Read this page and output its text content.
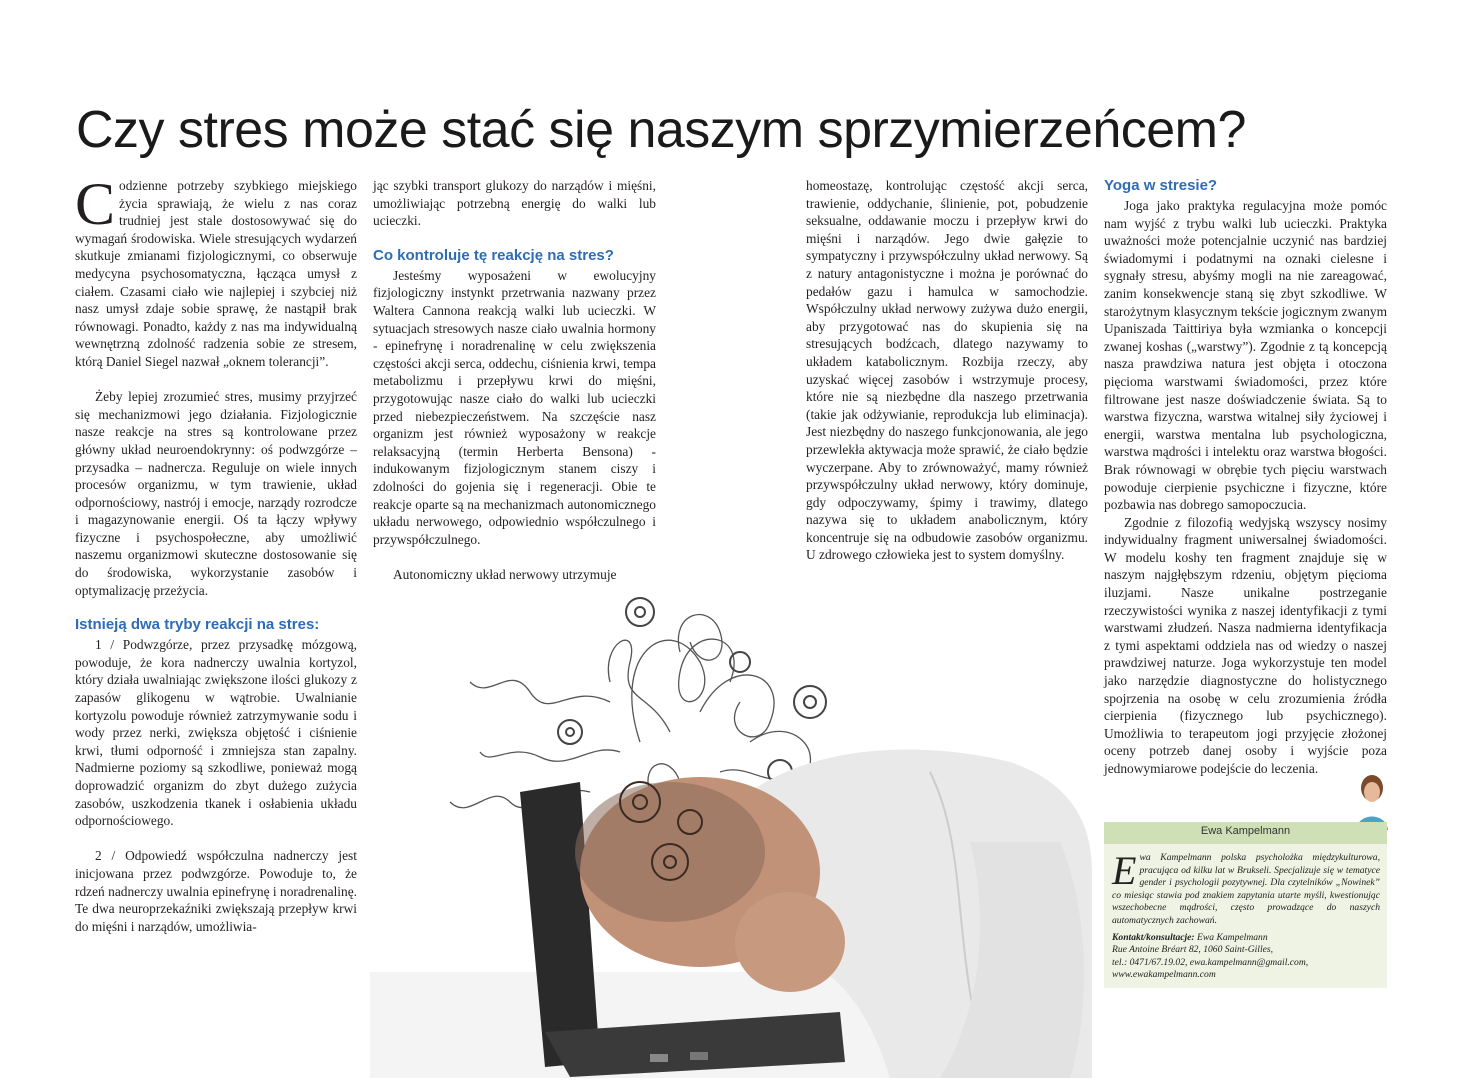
Czy stres może stać się naszym sprzymierzeńcem?

Codzienne potrzeby szybkiego miejskiego życia sprawiają, że wielu z nas coraz trudniej jest stale dostosowywać się do wymagań środowiska. Wiele stresujących wydarzeń skutkuje zmianami fizjologicznymi, co obserwuje medycyna psychosomatyczna, łącząca umysł z ciałem. Czasami ciało wie najlepiej i szybciej niż nasz umysł zdaje sobie sprawę, że nastąpił brak równowagi. Ponadto, każdy z nas ma indywidualną wewnętrzną zdolność radzenia sobie ze stresem, którą Daniel Siegel nazwał „oknem tolerancji”.

Żeby lepiej zrozumieć stres, musimy przyjrzeć się mechanizmowi jego działania. Fizjologicznie nasze reakcje na stres są kontrolowane przez główny układ neuroendokrynny: oś podwzgórze – przysadka – nadnercza. Reguluje on wiele innych procesów organizmu, w tym trawienie, układ odpornościowy, nastrój i emocje, narządy rozrodcze i magazynowanie energii. Oś ta łączy wpływy fizyczne i psychospołeczne, aby umożliwić naszemu organizmowi skuteczne dostosowanie się do środowiska, wykorzystanie zasobów i optymalizację przeżycia.

Istnieją dwa tryby reakcji na stres:

1 / Podwzgórze, przez przysadkę mózgową, powoduje, że kora nadnerczy uwalnia kortyzol, który działa uwalniając zwiększone ilości glukozy z zapasów glikogenu w wątrobie. Uwalnianie kortyzolu powoduje również zatrzymywanie sodu i wody przez nerki, zwiększa objętość i ciśnienie krwi, tłumi odporność i zmniejsza stan zapalny. Nadmierne poziomy są szkodliwe, ponieważ mogą doprowadzić organizm do zbyt dużego zużycia zasobów, uszkodzenia tkanek i osłabienia układu odpornościowego.

2 / Odpowiedź współczulna nadnerczy jest inicjowana przez podwzgórze. Powoduje to, że rdzeń nadnerczy uwalnia epinefrynę i noradrenalinę. Te dwa neuroprzekaźniki zwiększają przepływ krwi do mięśni i narządów, umożliwia-

jąc szybki transport glukozy do narządów i mięśni, umożliwiając potrzebną energię do walki lub ucieczki.

Co kontroluje tę reakcję na stres?

Jesteśmy wyposażeni w ewolucyjny fizjologiczny instynkt przetrwania nazwany przez Waltera Cannona reakcją walki lub ucieczki. W sytuacjach stresowych nasze ciało uwalnia hormony - epinefrynę i noradrenalinę w celu zwiększenia częstości akcji serca, oddechu, ciśnienia krwi, tempa metabolizmu i przepływu krwi do mięśni, przygotowując nasze ciało do walki lub ucieczki przed niebezpieczeństwem. Na szczęście nasz organizm jest również wyposażony w reakcje relaksacyjną (termin Herberta Bensona) - indukowanym fizjologicznym stanem ciszy i zdolności do gojenia się i regeneracji. Obie te reakcje oparte są na mechanizmach autonomicznego układu nerwowego, odpowiednio współczulnego i przywspółczulnego.

Autonomiczny układ nerwowy utrzymuje

homeostazę, kontrolując częstość akcji serca, trawienie, oddychanie, ślinienie, pot, pobudzenie seksualne, oddawanie moczu i przepływ krwi do mięśni i narządów. Jego dwie gałęzie to sympatyczny i przywspółczulny układ nerwowy. Są z natury antagonistyczne i można je porównać do pedałów gazu i hamulca w samochodzie. Współczulny układ nerwowy zużywa dużo energii, aby przygotować nas do skupienia się na stresujących bodźcach, dlatego nazywamy to układem katabolicznym. Rozbija rzeczy, aby uzyskać więcej zasobów i wstrzymuje procesy, które nie są niezbędne dla naszego przetrwania (takie jak odżywianie, reprodukcja lub eliminacja). Jest niezbędny do naszego funkcjonowania, ale jego przewlekła aktywacja może sprawić, że ciało będzie wyczerpane. Aby to zrównoważyć, mamy również przywspółczulny układ nerwowy, który dominuje, gdy odpoczywamy, śpimy i trawimy, dlatego nazywa się to układem anabolicznym, który koncentruje się na odbudowie zasobów organizmu. U zdrowego człowieka jest to system domyślny.

Yoga w stresie?

Joga jako praktyka regulacyjna może pomóc nam wyjść z trybu walki lub ucieczki. Praktyka uważności może potencjalnie uczynić nas bardziej świadomymi i podatnymi na oznaki cielesne i sygnały stresu, abyśmy mogli na nie zareagować, zanim konsekwencje staną się zbyt szkodliwe. W starożytnym klasycznym tekście jogicznym zwanym Upaniszada Taittiriya była wzmianka o koncepcji zwanej koshas („warstwy”). Zgodnie z tą koncepcją nasza prawdziwa natura jest objęta i otoczona pięcioma warstwami świadomości, przez które filtrowane jest nasze doświadczenie świata. Są to warstwa fizyczna, warstwa witalnej siły życiowej i energii, warstwa mentalna lub psychologiczna, warstwa mądrości i intelektu oraz warstwa błogości. Brak równowagi w obrębie tych pięciu warstwach powoduje cierpienie psychiczne i fizyczne, które pozbawia nas dobrego samopoczucia.

Zgodnie z filozofią wedyjską wszyscy nosimy indywidualny fragment uniwersalnej świadomości. W modelu koshy ten fragment znajduje się w naszym najgłębszym rdzeniu, objętym pięcioma iluzjami. Nasze unikalne postrzeganie rzeczywistości wynika z naszej identyfikacji z tymi warstwami złudzeń. Nasza nadmierna identyfikacja z tymi aspektami oddziela nas od wiedzy o naszej prawdziwej naturze. Joga wykorzystuje ten model jako narzędzie diagnostyczne do holistycznego spojrzenia na osobę w celu zrozumienia źródła cierpienia (fizycznego lub psychicznego). Umożliwia to terapeutom jogi przyjęcie złożonej oceny potrzeb danej osoby i wyjście poza jednowymiarowe podejście do leczenia.

Ewa Kampelmann
Ewa Kampelmann polska psycholożka międzykulturowa, pracująca od kilku lat w Brukseli. Specjalizuje się w tematyce gender i psychologii pozytywnej. Dla czytelników „Nowinek” co miesiąc stawia pod znakiem zapytania utarte myśli, kwestionując wszechobecne mądrości, często prowadzące do naszych automatycznych zachowań.
Kontakt/konsultacje: Ewa Kampelmann
Rue Antoine Bréart 82, 1060 Saint-Gilles,
tel.: 0471/67.19.02, ewa.kampelmann@gmail.com,
www.ewakampelmann.com
